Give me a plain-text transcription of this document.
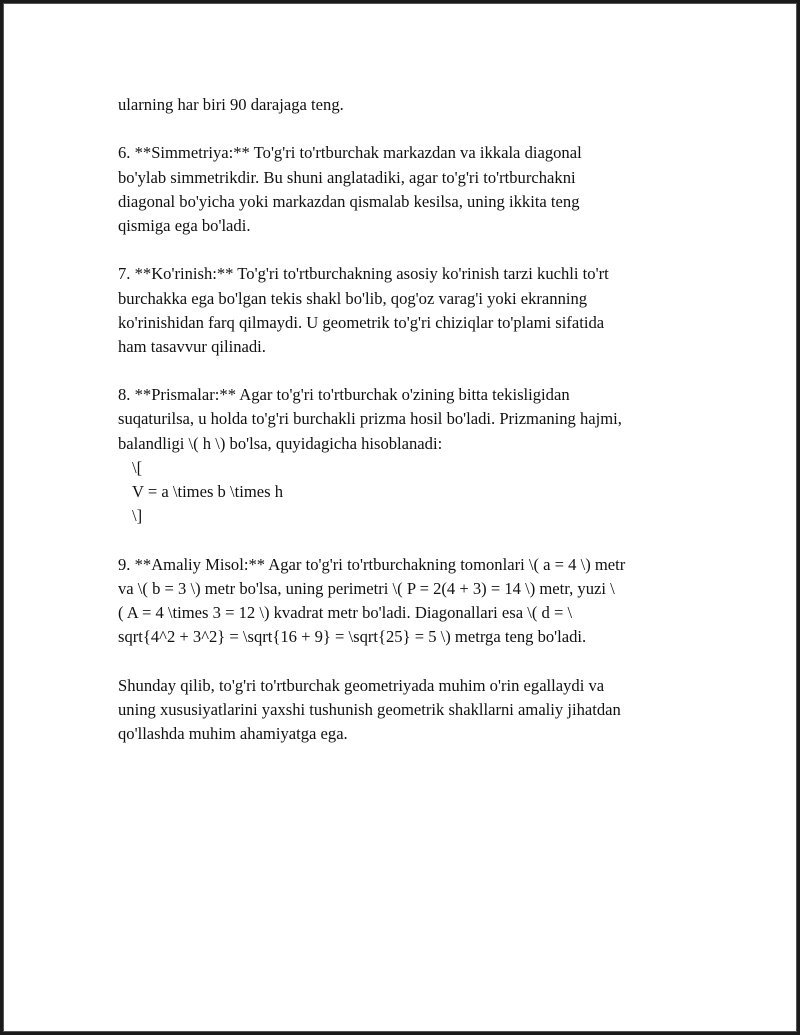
ularning har biri 90 darajaga teng.
6. **Simmetriya:** To'g'ri to'rtburchak markazdan va ikkala diagonal
bo'ylab simmetrikdir. Bu shuni anglatadiki, agar to'g'ri to'rtburchakni
diagonal bo'yicha yoki markazdan qismalab kesilsa, uning ikkita teng
qismiga ega bo'ladi.
7. **Ko'rinish:** To'g'ri to'rtburchakning asosiy ko'rinish tarzi kuchli to'rt
burchakka ega bo'lgan tekis shakl bo'lib, qog'oz varag'i yoki ekranning
ko'rinishidan farq qilmaydi. U geometrik to'g'ri chiziqlar to'plami sifatida
ham tasavvur qilinadi.
8. **Prismalar:** Agar to'g'ri to'rtburchak o'zining bitta tekisligidan
suqaturilsa, u holda to'g'ri burchakli prizma hosil bo'ladi. Prizmaning hajmi,
balandligi \( h \) bo'lsa, quyidagicha hisoblanadi:
\[
V = a \times b \times h
\]
9. **Amaliy Misol:** Agar to'g'ri to'rtburchakning tomonlari \( a = 4 \) metr
va \( b = 3 \) metr bo'lsa, uning perimetri \( P = 2(4 + 3) = 14 \) metr, yuzi \
( A = 4 \times 3 = 12 \) kvadrat metr bo'ladi. Diagonallari esa \( d = \
sqrt{4^2 + 3^2} = \sqrt{16 + 9} = \sqrt{25} = 5 \) metrga teng bo'ladi.
Shunday qilib, to'g'ri to'rtburchak geometriyada muhim o'rin egallaydi va
uning xususiyatlarini yaxshi tushunish geometrik shakllarni amaliy jihatdan
qo'llashda muhim ahamiyatga ega.
